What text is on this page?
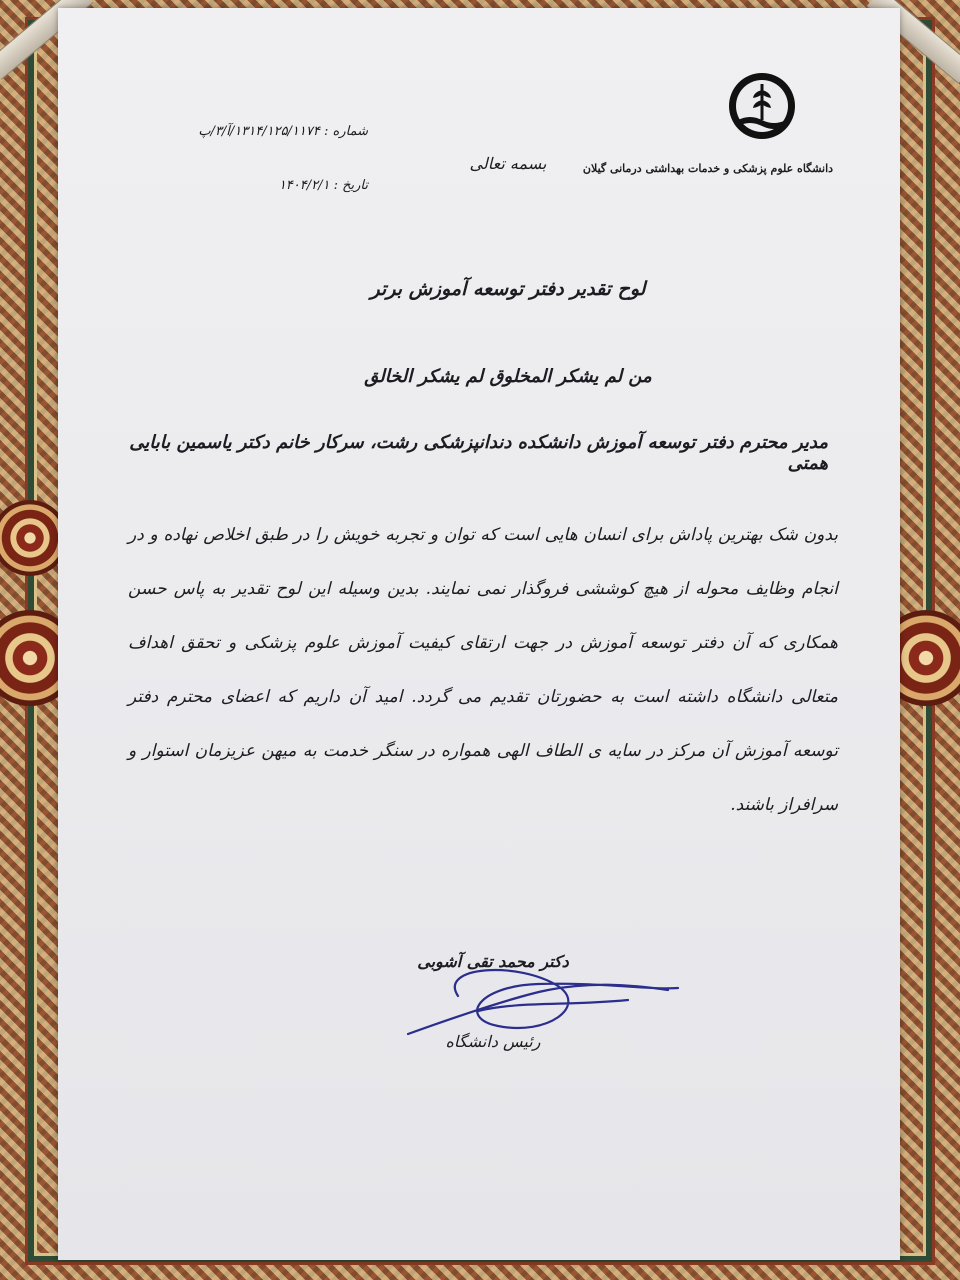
دانشگاه علوم پزشکی و خدمات بهداشتی درمانی گیلان
بسمه تعالی
شماره : ۱۳۱۴/۱۲۵/۱۱۷۴/آ/۳/پ
تاریخ : ۱۴۰۴/۲/۱
لوح تقدیر دفتر توسعه آموزش برتر
من لم یشکر المخلوق لم یشکر الخالق
مدیر محترم دفتر توسعه آموزش دانشکده دندانپزشکی رشت، سرکار خانم دکتر یاسمین بابایی همتی
بدون شک بهترین پاداش برای انسان هایی است که توان و تجربه خویش را در طبق اخلاص نهاده و در انجام وظایف محوله از هیچ کوششی فروگذار نمی نمایند. بدین وسیله این لوح تقدیر به پاس حسن همکاری که آن دفتر توسعه آموزش در جهت ارتقای کیفیت آموزش علوم پزشکی و تحقق اهداف متعالی دانشگاه داشته است به حضورتان تقدیم می گردد. امید آن داریم که اعضای محترم دفتر توسعه آموزش آن مرکز در سایه ی الطاف الهی همواره در سنگر خدمت به میهن عزیزمان استوار و سرافراز باشند.
دکتر محمد تقی آشوبی
رئیس دانشگاه
